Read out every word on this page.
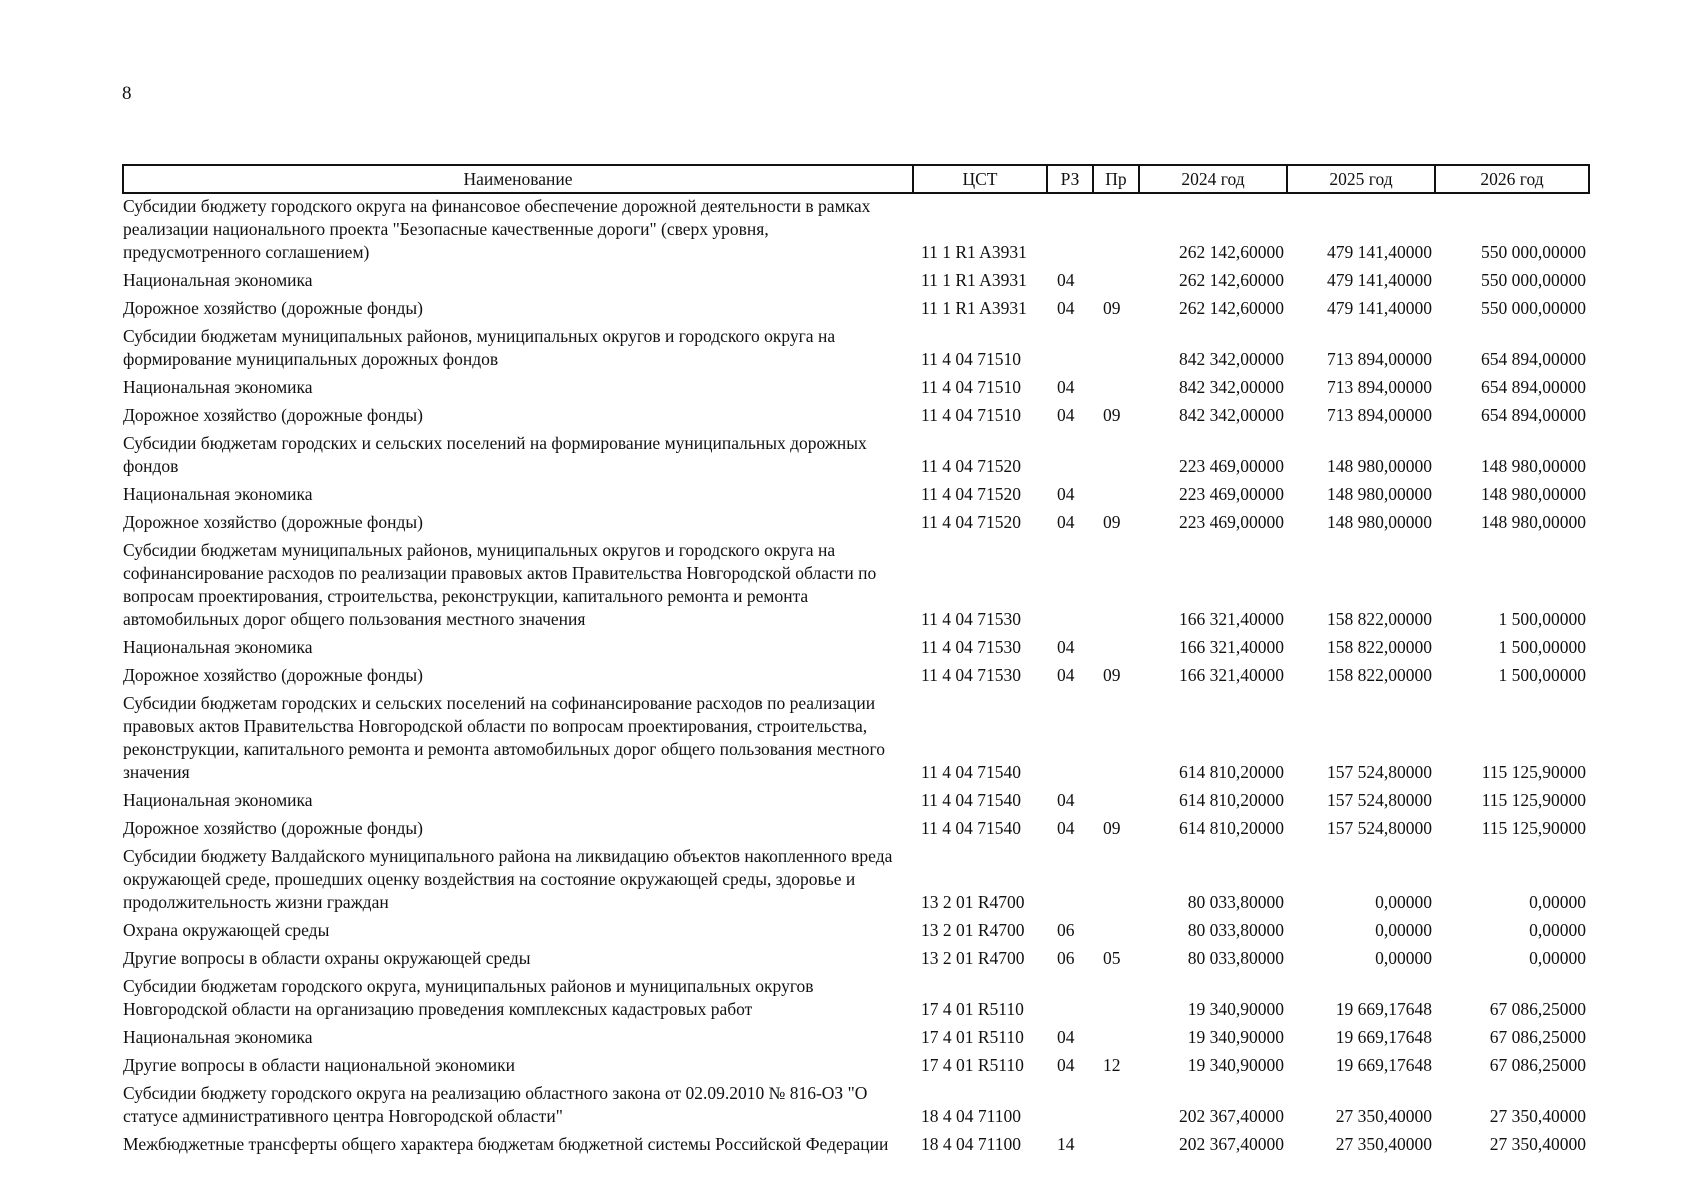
8
Наименование	ЦСТ	РЗ	Пр	2024 год	2025 год	2026 год
Субсидии бюджету городского округа на финансовое обеспечение дорожной деятельности в рамках реализации национального проекта "Безопасные качественные дороги" (сверх уровня, предусмотренного соглашением)	11 1 R1 A3931			262 142,60000	479 141,40000	550 000,00000
Национальная экономика	11 1 R1 A3931	04		262 142,60000	479 141,40000	550 000,00000
Дорожное хозяйство (дорожные фонды)	11 1 R1 A3931	04	09	262 142,60000	479 141,40000	550 000,00000
Субсидии бюджетам муниципальных районов, муниципальных округов и городского округа на формирование муниципальных дорожных фондов	11 4 04 71510			842 342,00000	713 894,00000	654 894,00000
Национальная экономика	11 4 04 71510	04		842 342,00000	713 894,00000	654 894,00000
Дорожное хозяйство (дорожные фонды)	11 4 04 71510	04	09	842 342,00000	713 894,00000	654 894,00000
Субсидии бюджетам городских и сельских поселений на формирование муниципальных дорожных фондов	11 4 04 71520			223 469,00000	148 980,00000	148 980,00000
Национальная экономика	11 4 04 71520	04		223 469,00000	148 980,00000	148 980,00000
Дорожное хозяйство (дорожные фонды)	11 4 04 71520	04	09	223 469,00000	148 980,00000	148 980,00000
Субсидии бюджетам муниципальных районов, муниципальных округов и городского округа на софинансирование расходов по реализации правовых актов Правительства Новгородской области по вопросам проектирования, строительства, реконструкции, капитального ремонта и ремонта автомобильных дорог общего пользования местного значения	11 4 04 71530			166 321,40000	158 822,00000	1 500,00000
Национальная экономика	11 4 04 71530	04		166 321,40000	158 822,00000	1 500,00000
Дорожное хозяйство (дорожные фонды)	11 4 04 71530	04	09	166 321,40000	158 822,00000	1 500,00000
Субсидии бюджетам городских и сельских поселений на софинансирование расходов по реализации правовых актов Правительства Новгородской области по вопросам проектирования, строительства, реконструкции, капитального ремонта и ремонта автомобильных дорог общего пользования местного значения	11 4 04 71540			614 810,20000	157 524,80000	115 125,90000
Национальная экономика	11 4 04 71540	04		614 810,20000	157 524,80000	115 125,90000
Дорожное хозяйство (дорожные фонды)	11 4 04 71540	04	09	614 810,20000	157 524,80000	115 125,90000
Субсидии бюджету Валдайского муниципального района на ликвидацию объектов накопленного вреда окружающей среде, прошедших оценку воздействия на состояние окружающей среды, здоровье и продолжительность жизни граждан	13 2 01 R4700			80 033,80000	0,00000	0,00000
Охрана окружающей среды	13 2 01 R4700	06		80 033,80000	0,00000	0,00000
Другие вопросы в области охраны окружающей среды	13 2 01 R4700	06	05	80 033,80000	0,00000	0,00000
Субсидии бюджетам городского округа, муниципальных районов и муниципальных округов Новгородской области на организацию проведения комплексных кадастровых работ	17 4 01 R5110			19 340,90000	19 669,17648	67 086,25000
Национальная экономика	17 4 01 R5110	04		19 340,90000	19 669,17648	67 086,25000
Другие вопросы в области национальной экономики	17 4 01 R5110	04	12	19 340,90000	19 669,17648	67 086,25000
Субсидии бюджету городского округа на реализацию областного закона от 02.09.2010 № 816-ОЗ "О статусе административного центра Новгородской области"	18 4 04 71100			202 367,40000	27 350,40000	27 350,40000
Межбюджетные трансферты общего характера бюджетам бюджетной системы Российской Федерации	18 4 04 71100	14		202 367,40000	27 350,40000	27 350,40000
